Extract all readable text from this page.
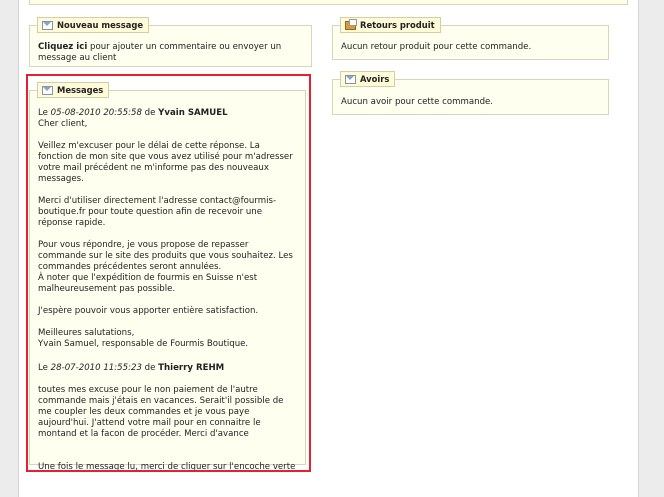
Nouveau message
Cliquez ici pour ajouter un commentaire ou envoyer un message au client
Retours produit
Aucun retour produit pour cette commande.
Avoirs
Aucun avoir pour cette commande.
Messages

Le 05-08-2010 20:55:58 de Yvain SAMUEL

Cher client,

Veillez m'excuser pour le délai de cette réponse. La fonction de mon site que vous avez utilisé pour m'adresser votre mail précédent ne m'informe pas des nouveaux messages.

Merci d'utiliser directement l'adresse contact@fourmis-boutique.fr pour toute question afin de recevoir une réponse rapide.

Pour vous répondre, je vous propose de repasser commande sur le site des produits que vous souhaitez. Les commandes précédentes seront annulées.

À noter que l'expédition de fourmis en Suisse n'est malheureusement pas possible.

J'espère pouvoir vous apporter entière satisfaction.

Meilleures salutations,

Yvain Samuel, responsable de Fourmis Boutique.

Le 28-07-2010 11:55:23 de Thierry REHM

toutes mes excuse pour le non paiement de l'autre commande mais j'étais en vacances. Serait'il possible de me coupler les deux commandes et je vous paye aujourd'hui. J'attend votre mail pour en connaitre le montand et la facon de procéder. Merci d'avance

Une fois le message lu, merci de cliquer sur l'encoche verte
